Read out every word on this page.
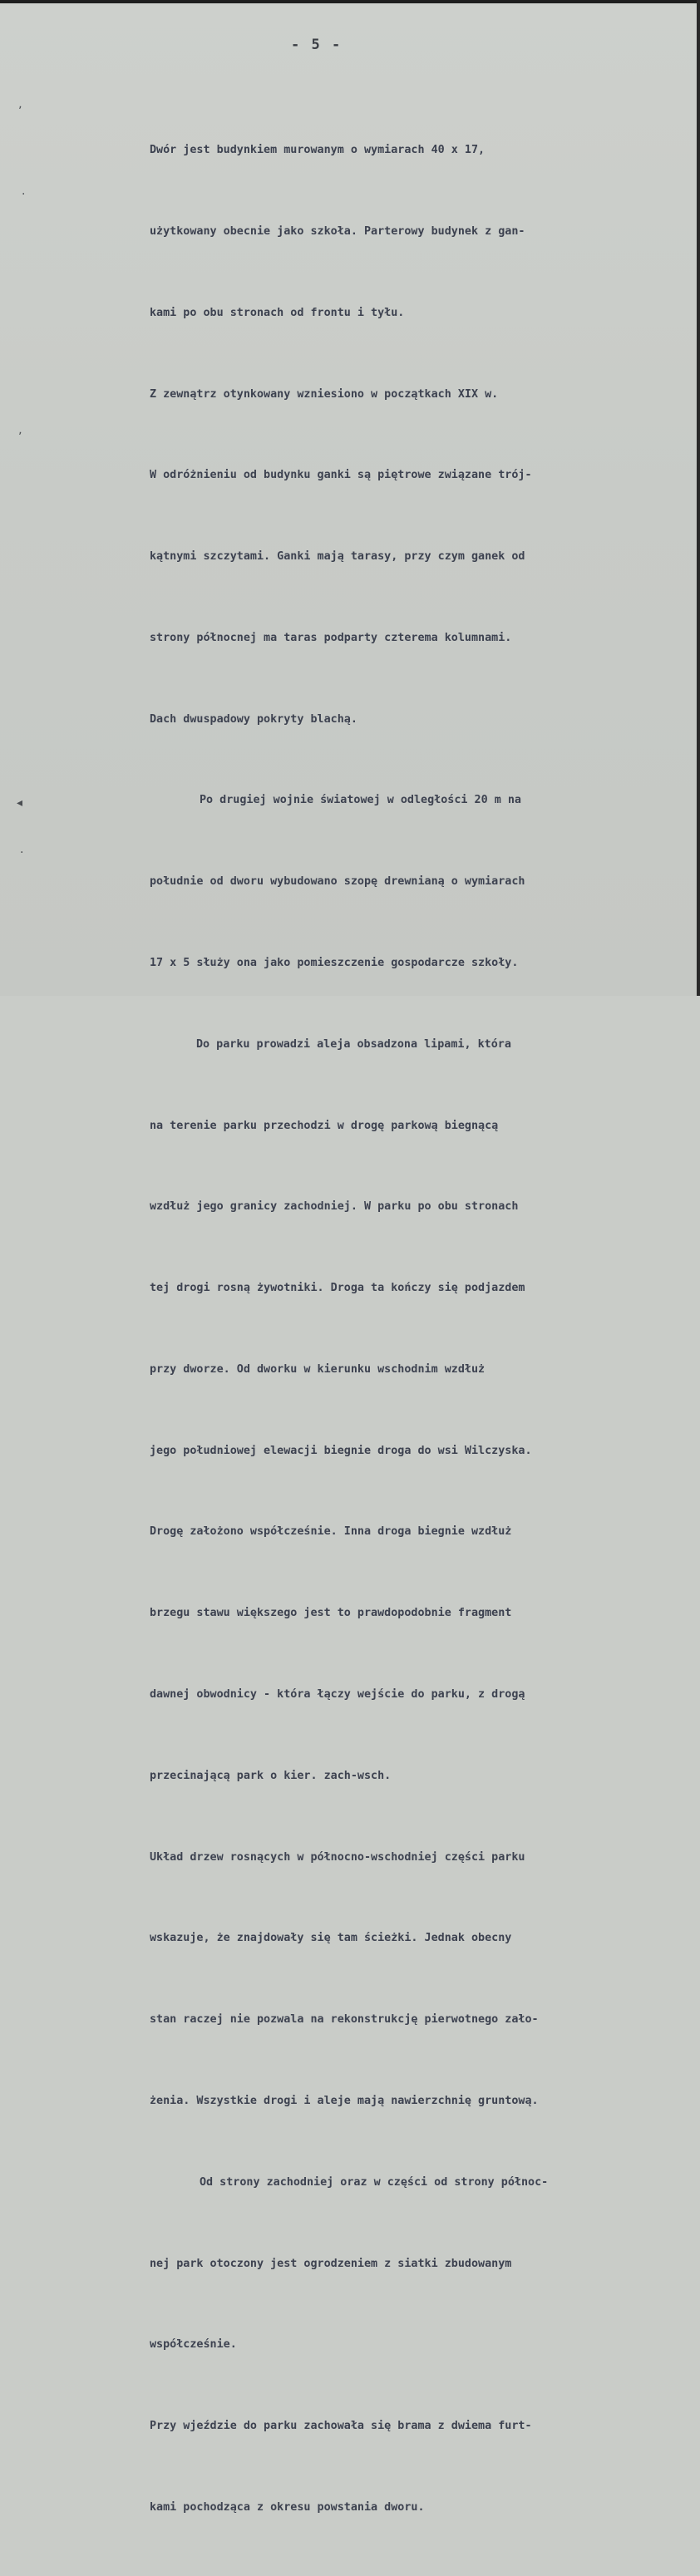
- 5 -
ʼ
·
ʼ
◂
·

Dwór jest budynkiem murowanym o wymiarach 40 x 17,

użytkowany obecnie jako szkoła. Parterowy budynek z gan-

kami po obu stronach od frontu i tyłu.

Z zewnątrz otynkowany wzniesiono w początkach XIX w.

W odróżnieniu od budynku ganki są piętrowe związane trój-

kątnymi szczytami. Ganki mają tarasy, przy czym ganek od

strony północnej ma taras podparty czterema kolumnami.

Dach dwuspadowy pokryty blachą.

Po drugiej wojnie światowej w odległości 20 m na

południe od dworu wybudowano szopę drewnianą o wymiarach

17 x 5 służy ona jako pomieszczenie gospodarcze szkoły.

Do parku prowadzi aleja obsadzona lipami, która

na terenie parku przechodzi w drogę parkową biegnącą

wzdłuż jego granicy zachodniej. W parku po obu stronach

tej drogi rosną żywotniki. Droga ta kończy się podjazdem

przy dworze. Od dworku w kierunku wschodnim wzdłuż

jego południowej elewacji biegnie droga do wsi Wilczyska.

Drogę założono współcześnie. Inna droga biegnie wzdłuż

brzegu stawu większego jest to prawdopodobnie fragment

dawnej obwodnicy - która łączy wejście do parku, z drogą

przecinającą park o kier. zach-wsch.

Układ drzew rosnących w północno-wschodniej części parku

wskazuje, że znajdowały się tam ścieżki. Jednak obecny

stan raczej nie pozwala na rekonstrukcję pierwotnego zało-

żenia. Wszystkie drogi i aleje mają nawierzchnię gruntową.

Od strony zachodniej oraz w części od strony północ-

nej park otoczony jest ogrodzeniem z siatki zbudowanym

współcześnie.

Przy wjeździe do parku zachowała się brama z dwiema furt-

kami pochodząca z okresu powstania dworu.
